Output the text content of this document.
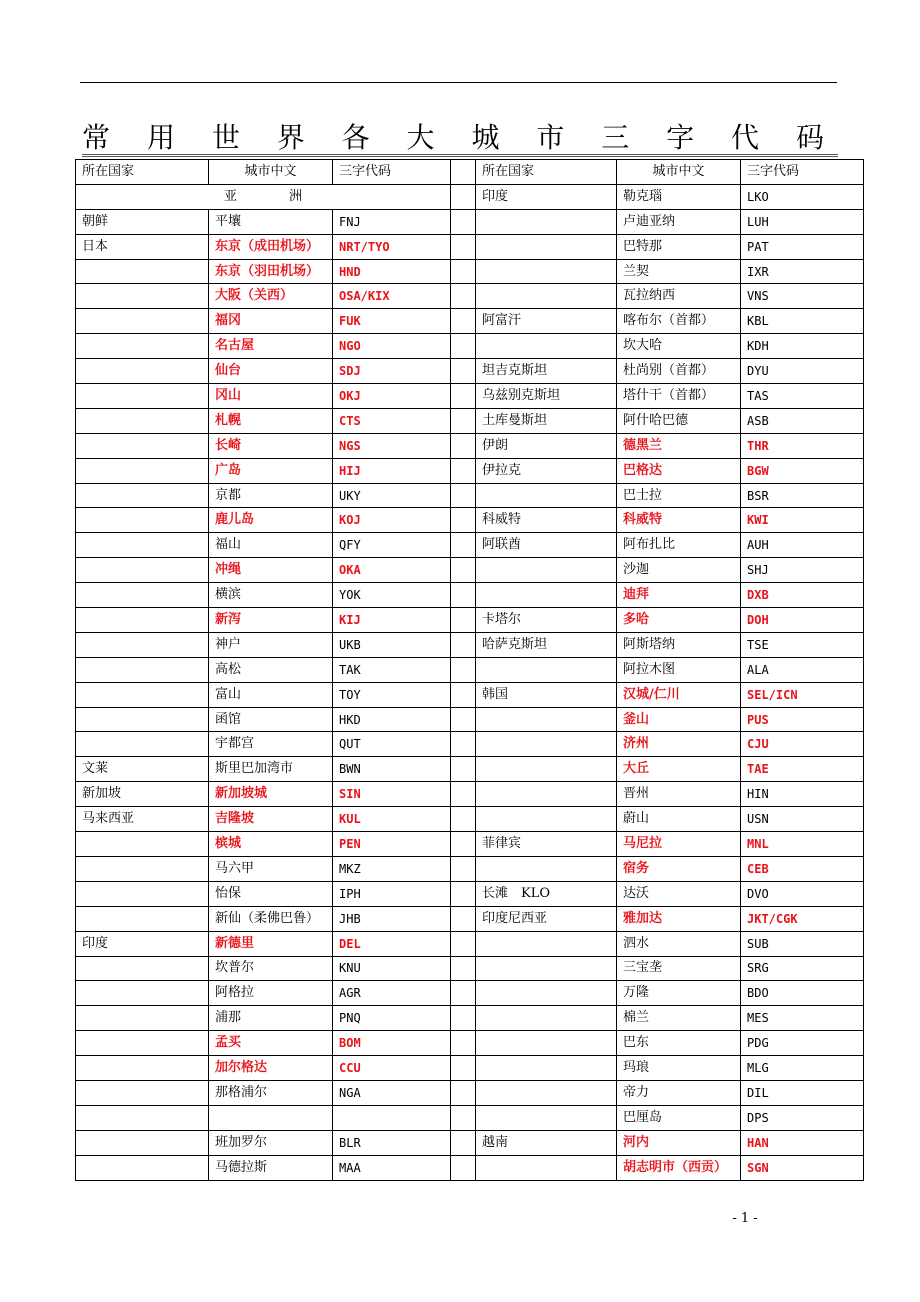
常 用 世 界 各 大 城 市 三 字 代 码
所在国家	城市中文	三字代码		所在国家	城市中文	三字代码
亚　　　　洲				印度	勒克瑙	LKO
朝鲜	平壤	FNJ			卢迪亚纳	LUH
日本	东京（成田机场）	NRT/TYO			巴特那	PAT
	东京（羽田机场）	HND			兰契	IXR
	大阪（关西）	OSA/KIX			瓦拉纳西	VNS
	福冈	FUK		阿富汗	喀布尔（首都）	KBL
	名古屋	NGO			坎大哈	KDH
	仙台	SDJ		坦吉克斯坦	杜尚别（首都）	DYU
	冈山	OKJ		乌兹别克斯坦	塔什干（首都）	TAS
	札幌	CTS		土库曼斯坦	阿什哈巴德	ASB
	长崎	NGS		伊朗	德黑兰	THR
	广岛	HIJ		伊拉克	巴格达	BGW
	京都	UKY			巴士拉	BSR
	鹿儿岛	KOJ		科威特	科威特	KWI
	福山	QFY		阿联酋	阿布扎比	AUH
	冲绳	OKA			沙迦	SHJ
	横滨	YOK			迪拜	DXB
	新泻	KIJ		卡塔尔	多哈	DOH
	神户	UKB		哈萨克斯坦	阿斯塔纳	TSE
	高松	TAK			阿拉木图	ALA
	富山	TOY		韩国	汉城/仁川	SEL/ICN
	函馆	HKD			釜山	PUS
	宇都宫	QUT			济州	CJU
文莱	斯里巴加湾市	BWN			大丘	TAE
新加坡	新加坡城	SIN			晋州	HIN
马来西亚	吉隆坡	KUL			蔚山	USN
	槟城	PEN		菲律宾	马尼拉	MNL
	马六甲	MKZ			宿务	CEB
	怡保	IPH		长滩　KLO	达沃	DVO
	新仙（柔佛巴鲁）	JHB		印度尼西亚	雅加达	JKT/CGK
印度	新德里	DEL			泗水	SUB
	坎普尔	KNU			三宝垄	SRG
	阿格拉	AGR			万隆	BDO
	浦那	PNQ			棉兰	MES
	孟买	BOM			巴东	PDG
	加尔格达	CCU			玛琅	MLG
	那格浦尔	NGA			帝力	DIL
					巴厘岛	DPS
	班加罗尔	BLR		越南	河内	HAN
	马德拉斯	MAA			胡志明市（西贡）	SGN
- 1 -
